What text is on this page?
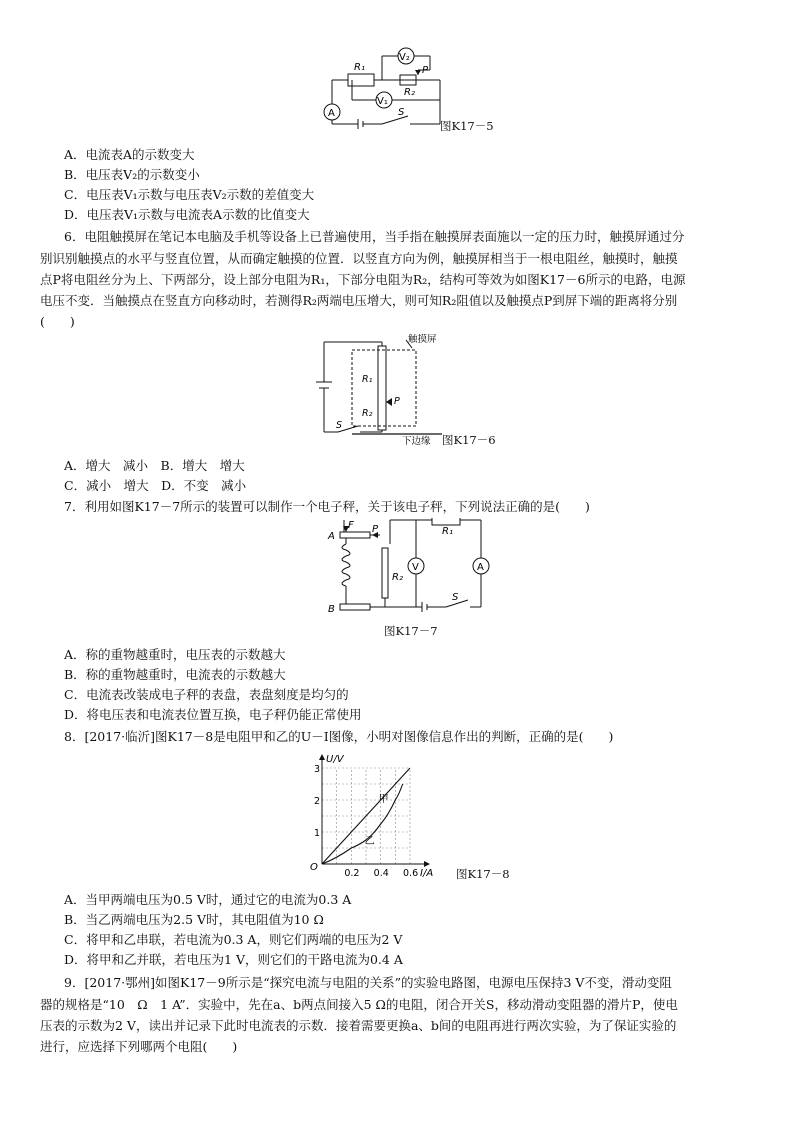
V₂
R₁	P
R₂
A
V₁
S
图K17－5
A．电流表A的示数变大
B．电压表V₂的示数变小
C．电压表V₁示数与电压表V₂示数的差值变大
D．电压表V₁示数与电流表A示数的比值变大
6．电阻触摸屏在笔记本电脑及手机等设备上已普遍使用，当手指在触摸屏表面施以一定的压力时，触摸屏通过分
别识别触摸点的水平与竖直位置，从而确定触摸的位置．以竖直方向为例，触摸屏相当于一根电阻丝，触摸时，触摸
点P将电阻丝分为上、下两部分，设上部分电阻为R₁，下部分电阻为R₂，结构可等效为如图K17－6所示的电路，电源
电压不变．当触摸点在竖直方向移动时，若测得R₂两端电压增大，则可知R₂阻值以及触摸点P到屏下端的距离将分别
(　　)
触摸屏
R₁
P
R₂
S
下边缘 图K17－6
A．增大　减小　B．增大　增大
C．减小　增大　D．不变　减小
7．利用如图K17－7所示的装置可以制作一个电子秤，关于该电子秤，下列说法正确的是(　　)
F
A
P	R₁
R₂
V	A
B
S
图K17－7
A．称的重物越重时，电压表的示数越大
B．称的重物越重时，电流表的示数越大
C．电流表改装成电子秤的表盘，表盘刻度是均匀的
D．将电压表和电流表位置互换，电子秤仍能正常使用
8．[2017·临沂]图K17－8是电阻甲和乙的U－I图像，小明对图像信息作出的判断，正确的是(　　)
1
2
3
0.2 0.4 0.6
U/V
I/A
O
甲
乙
图K17－8
A．当甲两端电压为0.5 V时，通过它的电流为0.3 A
B．当乙两端电压为2.5 V时，其电阻值为10 Ω
C．将甲和乙串联，若电流为0.3 A，则它们两端的电压为2 V
D．将甲和乙并联，若电压为1 V，则它们的干路电流为0.4 A
9．[2017·鄂州]如图K17－9所示是“探究电流与电阻的关系”的实验电路图，电源电压保持3 V不变，滑动变阻
器的规格是“10　Ω　1 A”．实验中，先在a、b两点间接入5 Ω的电阻，闭合开关S，移动滑动变阻器的滑片P，使电
压表的示数为2 V，读出并记录下此时电流表的示数．接着需要更换a、b间的电阻再进行两次实验，为了保证实验的
进行，应选择下列哪两个电阻(　　)
